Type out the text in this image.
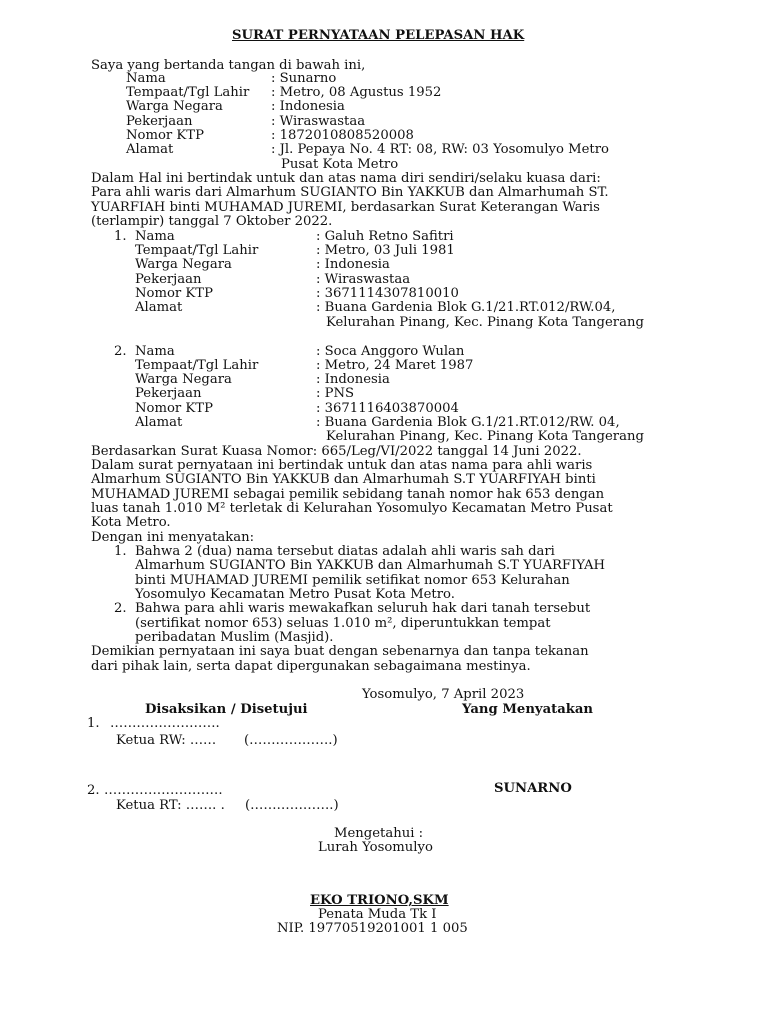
SURAT PERNYATAAN PELEPASAN HAK
Saya yang bertanda tangan di bawah ini,
Nama	: Sunarno
Tempaat/Tgl Lahir : Metro, 08 Agustus 1952
Warga Negara	: Indonesia
Pekerjaan	: Wiraswastaa
Nomor KTP	: 1872010808520008
Alamat	: Jl. Pepaya No. 4 RT: 08, RW: 03 Yosomulyo Metro
Pusat Kota Metro
Dalam Hal ini bertindak untuk dan atas nama diri sendiri/selaku kuasa dari:
Para ahli waris dari Almarhum SUGIANTO Bin YAKKUB dan Almarhumah ST.
YUARFIAH binti MUHAMAD JUREMI, berdasarkan Surat Keterangan Waris
(terlampir) tanggal 7 Oktober 2022.
1. Nama	: Galuh Retno Safitri
Tempaat/Tgl Lahir	: Metro, 03 Juli 1981
Warga Negara	: Indonesia
Pekerjaan	: Wiraswastaa
Nomor KTP	: 3671114307810010
Alamat	: Buana Gardenia Blok G.1/21.RT.012/RW.04,
Kelurahan Pinang, Kec. Pinang Kota Tangerang
2. Nama	: Soca Anggoro Wulan
Tempaat/Tgl Lahir	: Metro, 24 Maret 1987
Warga Negara	: Indonesia
Pekerjaan	: PNS
Nomor KTP	: 3671116403870004
Alamat	: Buana Gardenia Blok G.1/21.RT.012/RW. 04,
Kelurahan Pinang, Kec. Pinang Kota Tangerang
Berdasarkan Surat Kuasa Nomor: 665/Leg/VI/2022 tanggal 14 Juni 2022.
Dalam surat pernyataan ini bertindak untuk dan atas nama para ahli waris
Almarhum SUGIANTO Bin YAKKUB dan Almarhumah S.T YUARFIYAH binti
MUHAMAD JUREMI sebagai pemilik sebidang tanah nomor hak 653 dengan
luas tanah 1.010 M² terletak di Kelurahan Yosomulyo Kecamatan Metro Pusat
Kota Metro.
Dengan ini menyatakan:
1. Bahwa 2 (dua) nama tersebut diatas adalah ahli waris sah dari
Almarhum SUGIANTO Bin YAKKUB dan Almarhumah S.T YUARFIYAH
binti MUHAMAD JUREMI pemilik setifikat nomor 653 Kelurahan
Yosomulyo Kecamatan Metro Pusat Kota Metro.
2. Bahwa para ahli waris mewakafkan seluruh hak dari tanah tersebut
(sertifikat nomor 653) seluas 1.010 m², diperuntukkan tempat
peribadatan Muslim (Masjid).
Demikian pernyataan ini saya buat dengan sebenarnya dan tanpa tekanan
dari pihak lain, serta dapat dipergunakan sebagaimana mestinya.
Yosomulyo, 7 April 2023
Disaksikan / Disetujui	Yang Menyatakan
1. …………………….
Ketua RW: …… (……………….)
2. ………………………
Ketua RT: ……. . (……………….)
SUNARNO
Mengetahui :
Lurah Yosomulyo
EKO TRIONO,SKM
Penata Muda Tk I
NIP. 19770519201001 1 005
